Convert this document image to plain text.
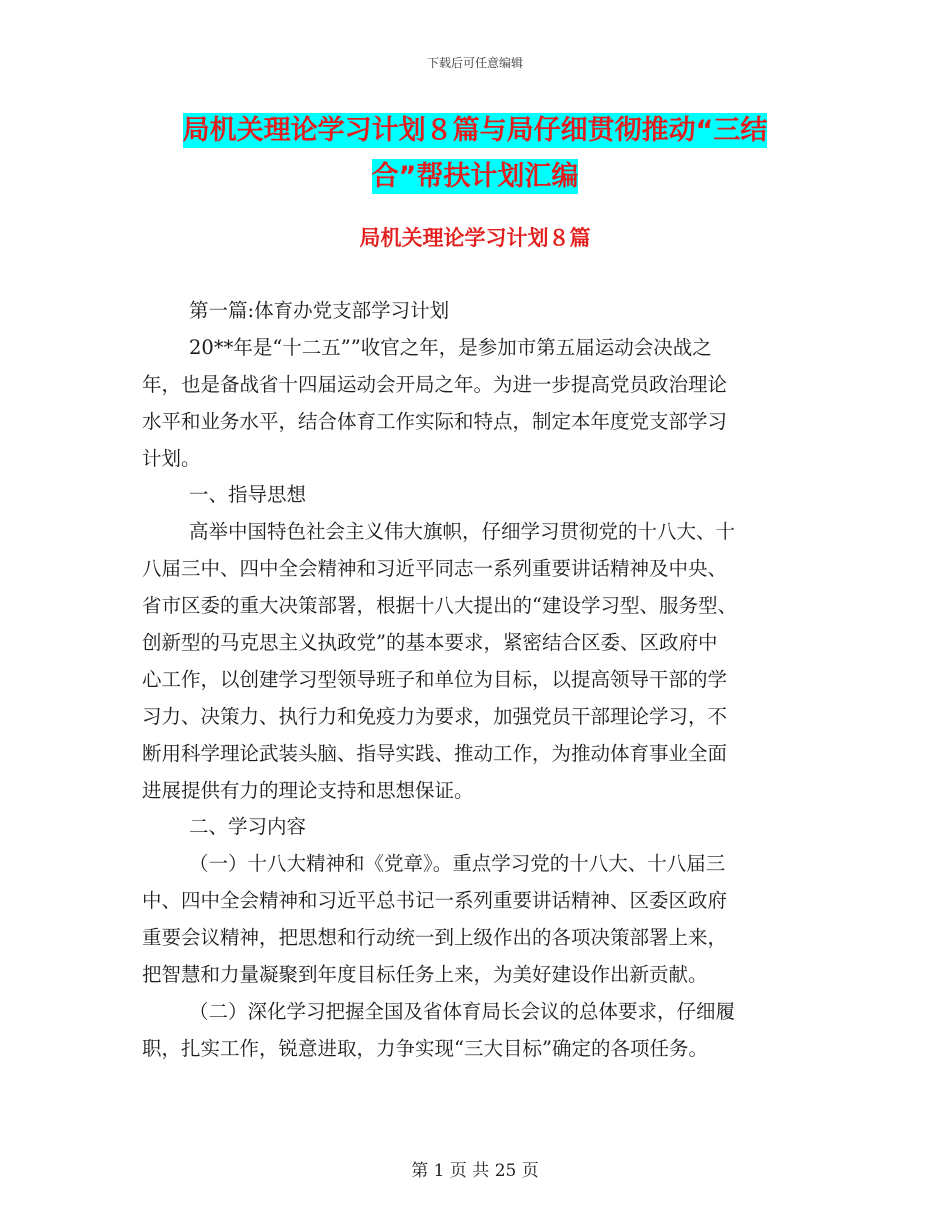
下载后可任意编辑
局机关理论学习计划８篇与局仔细贯彻推动“三结
合”帮扶计划汇编
局机关理论学习计划８篇
第一篇:体育办党支部学习计划
20**年是“十二五””收官之年，是参加市第五届运动会决战之
年，也是备战省十四届运动会开局之年。为进一步提高党员政治理论
水平和业务水平，结合体育工作实际和特点，制定本年度党支部学习
计划。
一、指导思想
高举中国特色社会主义伟大旗帜，仔细学习贯彻党的十八大、十
八届三中、四中全会精神和习近平同志一系列重要讲话精神及中央、
省市区委的重大决策部署，根据十八大提出的“建设学习型、服务型、
创新型的马克思主义执政党”的基本要求，紧密结合区委、区政府中
心工作，以创建学习型领导班子和单位为目标，以提高领导干部的学
习力、决策力、执行力和免疫力为要求，加强党员干部理论学习，不
断用科学理论武装头脑、指导实践、推动工作，为推动体育事业全面
进展提供有力的理论支持和思想保证。
二、学习内容
（一）十八大精神和《党章》。重点学习党的十八大、十八届三
中、四中全会精神和习近平总书记一系列重要讲话精神、区委区政府
重要会议精神，把思想和行动统一到上级作出的各项决策部署上来，
把智慧和力量凝聚到年度目标任务上来，为美好建设作出新贡献。
（二）深化学习把握全国及省体育局长会议的总体要求，仔细履
职，扎实工作，锐意进取，力争实现“三大目标”确定的各项任务。
第 1 页 共 25 页
